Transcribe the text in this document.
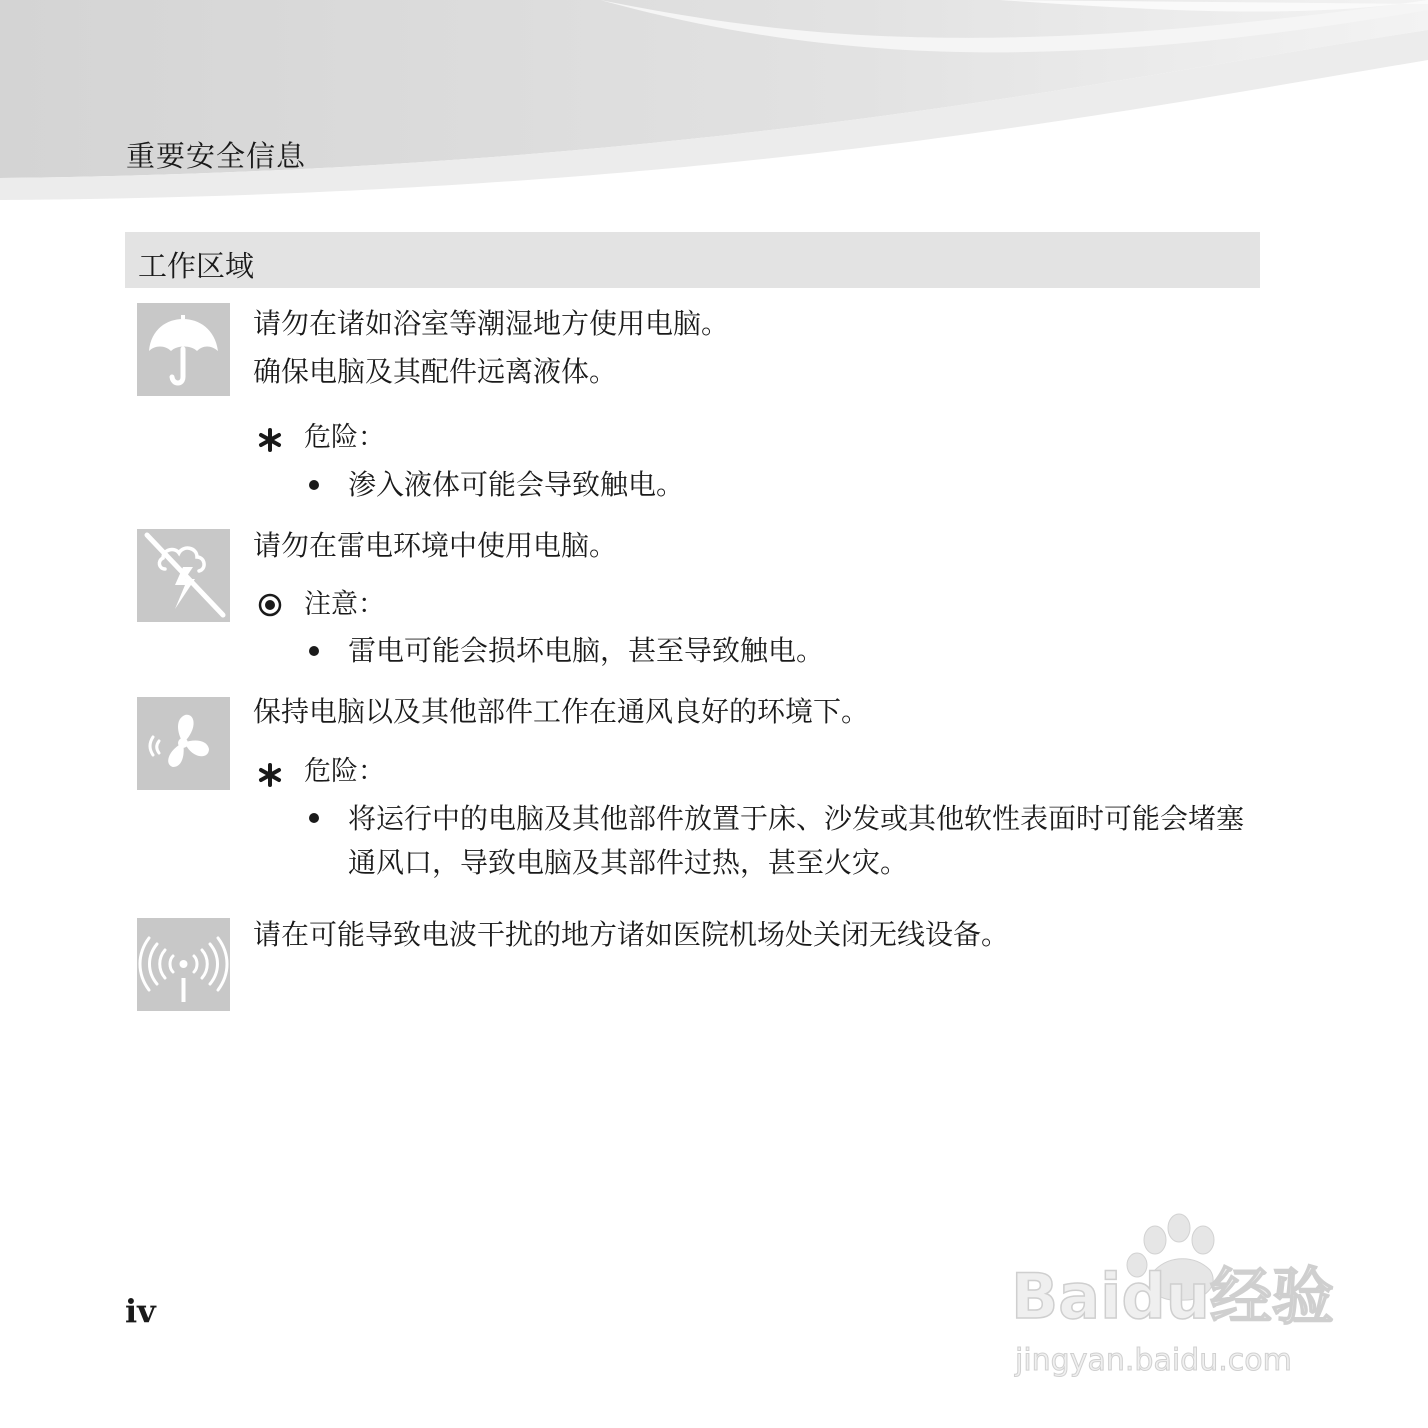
重要安全信息
工作区域
请勿在诸如浴室等潮湿地方使用电脑。
确保电脑及其配件远离液体。
危险：
渗入液体可能会导致触电。
请勿在雷电环境中使用电脑。
注意：
雷电可能会损坏电脑，甚至导致触电。
保持电脑以及其他部件工作在通风良好的环境下。
危险：
将运行中的电脑及其他部件放置于床、沙发或其他软性表面时可能会堵塞通风口，导致电脑及其部件过热，甚至火灾。
请在可能导致电波干扰的地方诸如医院机场处关闭无线设备。
iv	Baidu经验
jingyan.baidu.com
